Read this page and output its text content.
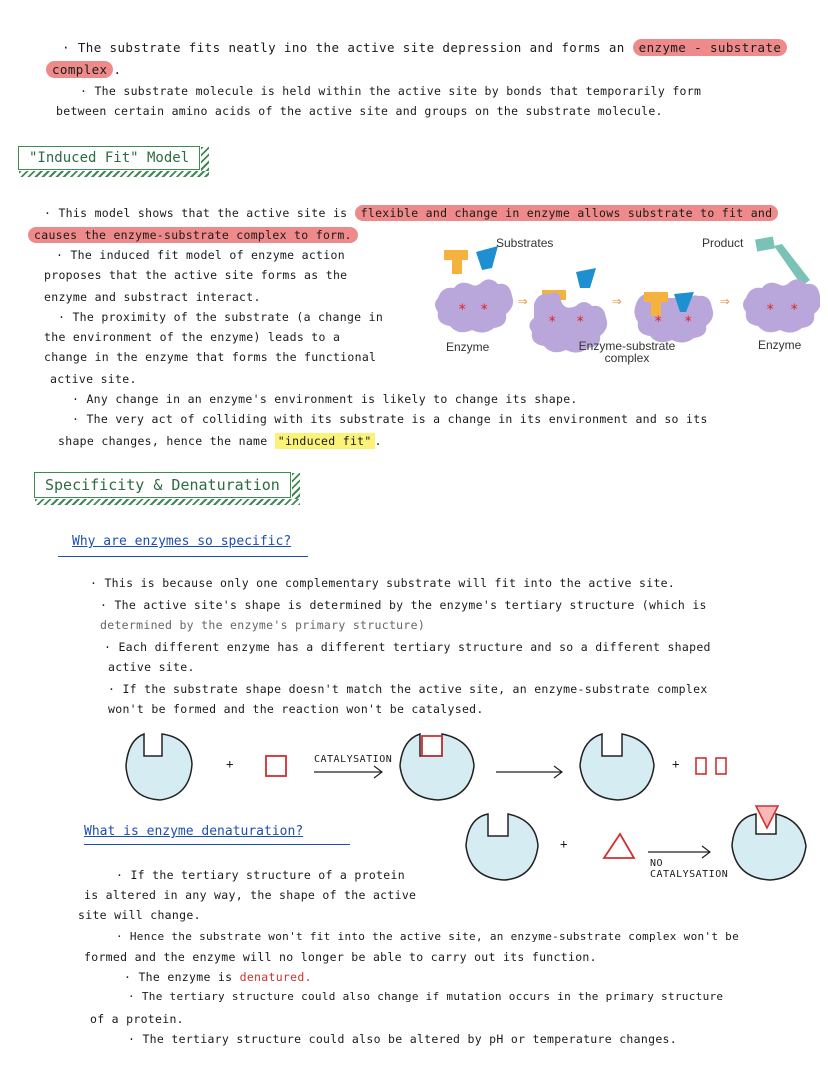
· The substrate fits neatly ino the active site depression and forms an enzyme - substrate
complex .
· The substrate molecule is held within the active site by bonds that temporarily form
between certain amino acids of the active site and groups on the substrate molecule.
"Induced Fit" Model
· This model shows that the active site is flexible and change in enzyme allows substrate to fit and
causes the enzyme-substrate complex to form.
· The induced fit model of enzyme action
proposes that the active site forms as the
enzyme and substract interact.
· The proximity of the substrate (a change in
the environment of the enzyme) leads to a
change in the enzyme that forms the functional
active site.
· Any change in an enzyme's environment is likely to change its shape.
· The very act of colliding with its substrate is a change in its environment and so its
shape changes, hence the name "induced fit" .
* * ⇒
* *
⇒
* *
⇒	* *
Substrates	Product
Enzyme	Enzyme-substrate
complex
Enzyme
Specificity & Denaturation
Why are enzymes so specific?
· This is because only one complementary substrate will fit into the active site.
· The active site's shape is determined by the enzyme's tertiary structure (which is
determined by the enzyme's primary structure)
· Each different enzyme has a different tertiary structure and so a different shaped
active site.
· If the substrate shape doesn't match the active site, an enzyme-substrate complex
won't be formed and the reaction won't be catalysed.
+	CATALYSATION	+
What is enzyme denaturation?
+
NO
CATALYSATION
· If the tertiary structure of a protein
is altered in any way, the shape of the active
site will change.
· Hence the substrate won't fit into the active site, an enzyme-substrate complex won't be
formed and the enzyme will no longer be able to carry out its function.
· The enzyme is denatured.
· The tertiary structure could also change if mutation occurs in the primary structure
of a protein.
· The tertiary structure could also be altered by pH or temperature changes.
